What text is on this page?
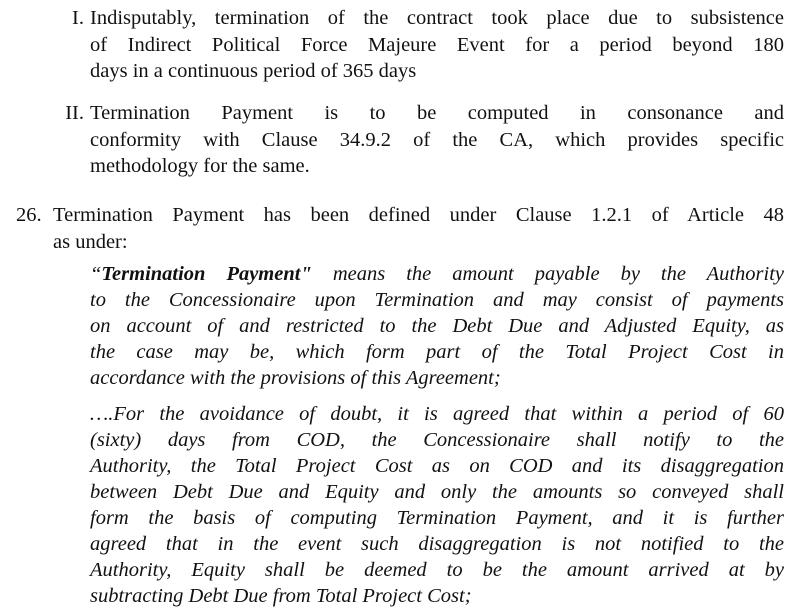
I. Indisputably, termination of the contract took place due to subsistence
of Indirect Political Force Majeure Event for a period beyond 180
days in a continuous period of 365 days
II. Termination Payment is to be computed in consonance and
conformity with Clause 34.9.2 of the CA, which provides specific
methodology for the same.
26. Termination Payment has been defined under Clause 1.2.1 of Article 48
as under:
“Termination Payment" means the amount payable by the Authority
to the Concessionaire upon Termination and may consist of payments
on account of and restricted to the Debt Due and Adjusted Equity, as
the case may be, which form part of the Total Project Cost in
accordance with the provisions of this Agreement;
….For the avoidance of doubt, it is agreed that within a period of 60
(sixty) days from COD, the Concessionaire shall notify to the
Authority, the Total Project Cost as on COD and its disaggregation
between Debt Due and Equity and only the amounts so conveyed shall
form the basis of computing Termination Payment, and it is further
agreed that in the event such disaggregation is not notified to the
Authority, Equity shall be deemed to be the amount arrived at by
subtracting Debt Due from Total Project Cost;
